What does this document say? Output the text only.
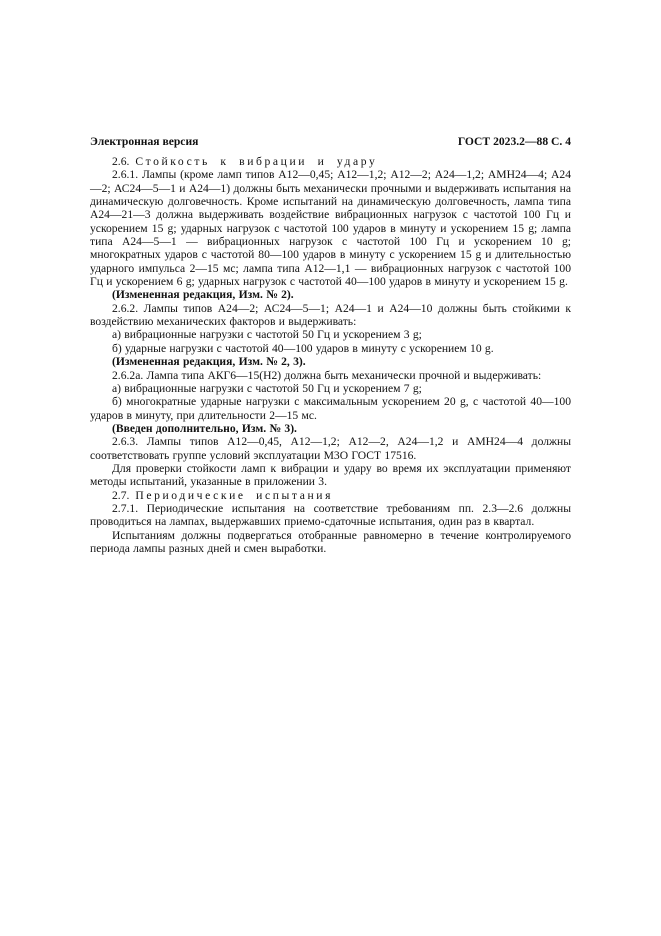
Электронная версия	ГОСТ 2023.2—88 С. 4

2.6. Стойкость к вибрации и удару

2.6.1. Лампы (кроме ламп типов А12—0,45; А12—1,2; А12—2; А24—1,2; АМН24—4; А24—2; АС24—5—1 и А24—1) должны быть механически прочными и выдерживать испытания на динамическую долговечность. Кроме испытаний на динамическую долговечность, лампа типа А24—21—3 должна выдерживать воздействие вибрационных нагрузок с частотой 100 Гц и ускорением 15 g; ударных нагрузок с частотой 100 ударов в минуту и ускорением 15 g; лампа типа А24—5—1 — вибрационных нагрузок с частотой 100 Гц и ускорением 10 g; многократных ударов с частотой 80—100 ударов в минуту с ускорением 15 g и длительностью ударного импульса 2—15 мс; лампа типа А12—1,1 — вибрационных нагрузок с частотой 100 Гц и ускорением 6 g; ударных нагрузок с частотой 40—100 ударов в минуту и ускорением 15 g.

(Измененная редакция, Изм. № 2).

2.6.2. Лампы типов А24—2; АС24—5—1; А24—1 и А24—10 должны быть стойкими к воздействию механических факторов и выдерживать:

а) вибрационные нагрузки с частотой 50 Гц и ускорением 3 g;

б) ударные нагрузки с частотой 40—100 ударов в минуту с ускорением 10 g.

(Измененная редакция, Изм. № 2, 3).

2.6.2а. Лампа типа АКГ6—15(Н2) должна быть механически прочной и выдерживать:

а) вибрационные нагрузки с частотой 50 Гц и ускорением 7 g;

б) многократные ударные нагрузки с максимальным ускорением 20 g, с частотой 40—100 ударов в минуту, при длительности 2—15 мс.

(Введен дополнительно, Изм. № 3).

2.6.3. Лампы типов А12—0,45, А12—1,2; А12—2, А24—1,2 и АМН24—4 должны соответствовать группе условий эксплуатации М3О ГОСТ 17516.

Для проверки стойкости ламп к вибрации и удару во время их эксплуатации применяют методы испытаний, указанные в приложении 3.

2.7. Периодические испытания

2.7.1. Периодические испытания на соответствие требованиям пп. 2.3—2.6 должны проводиться на лампах, выдержавших приемо-сдаточные испытания, один раз в квартал.

Испытаниям должны подвергаться отобранные равномерно в течение контролируемого периода лампы разных дней и смен выработки.
